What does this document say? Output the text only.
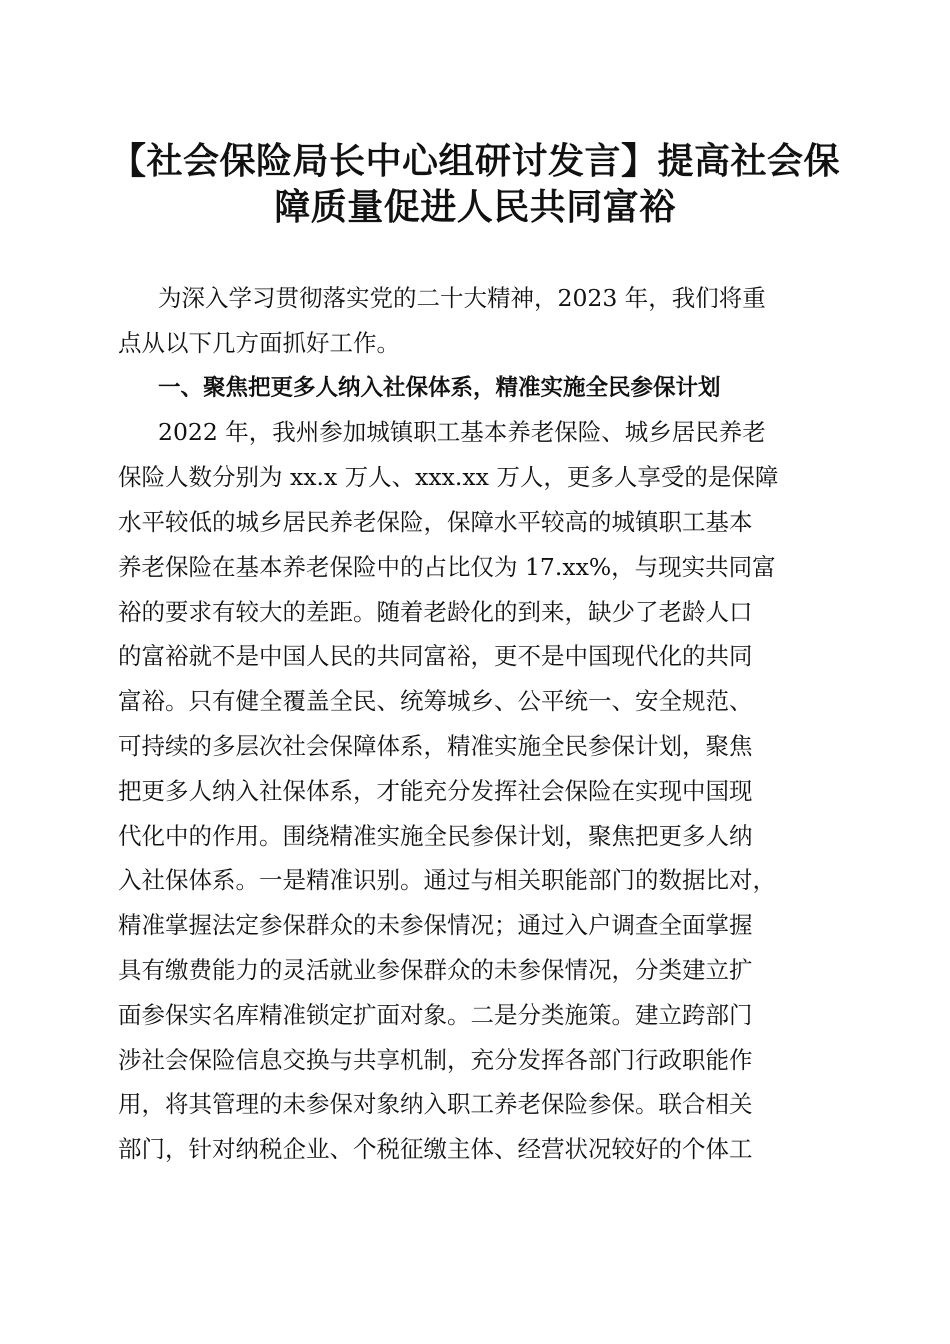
【社会保险局长中心组研讨发言】提高社会保
障质量促进人民共同富裕
为深入学习贯彻落实党的二十大精神，2023 年，我们将重
点从以下几方面抓好工作。
一、聚焦把更多人纳入社保体系，精准实施全民参保计划
2022 年，我州参加城镇职工基本养老保险、城乡居民养老
保险人数分别为 xx.x 万人、xxx.xx 万人，更多人享受的是保障
水平较低的城乡居民养老保险，保障水平较高的城镇职工基本
养老保险在基本养老保险中的占比仅为 17.xx%，与现实共同富
裕的要求有较大的差距。随着老龄化的到来，缺少了老龄人口
的富裕就不是中国人民的共同富裕，更不是中国现代化的共同
富裕。只有健全覆盖全民、统筹城乡、公平统一、安全规范、
可持续的多层次社会保障体系，精准实施全民参保计划，聚焦
把更多人纳入社保体系，才能充分发挥社会保险在实现中国现
代化中的作用。围绕精准实施全民参保计划，聚焦把更多人纳
入社保体系。一是精准识别。通过与相关职能部门的数据比对，
精准掌握法定参保群众的未参保情况；通过入户调查全面掌握
具有缴费能力的灵活就业参保群众的未参保情况，分类建立扩
面参保实名库精准锁定扩面对象。二是分类施策。建立跨部门
涉社会保险信息交换与共享机制，充分发挥各部门行政职能作
用，将其管理的未参保对象纳入职工养老保险参保。联合相关
部门，针对纳税企业、个税征缴主体、经营状况较好的个体工
